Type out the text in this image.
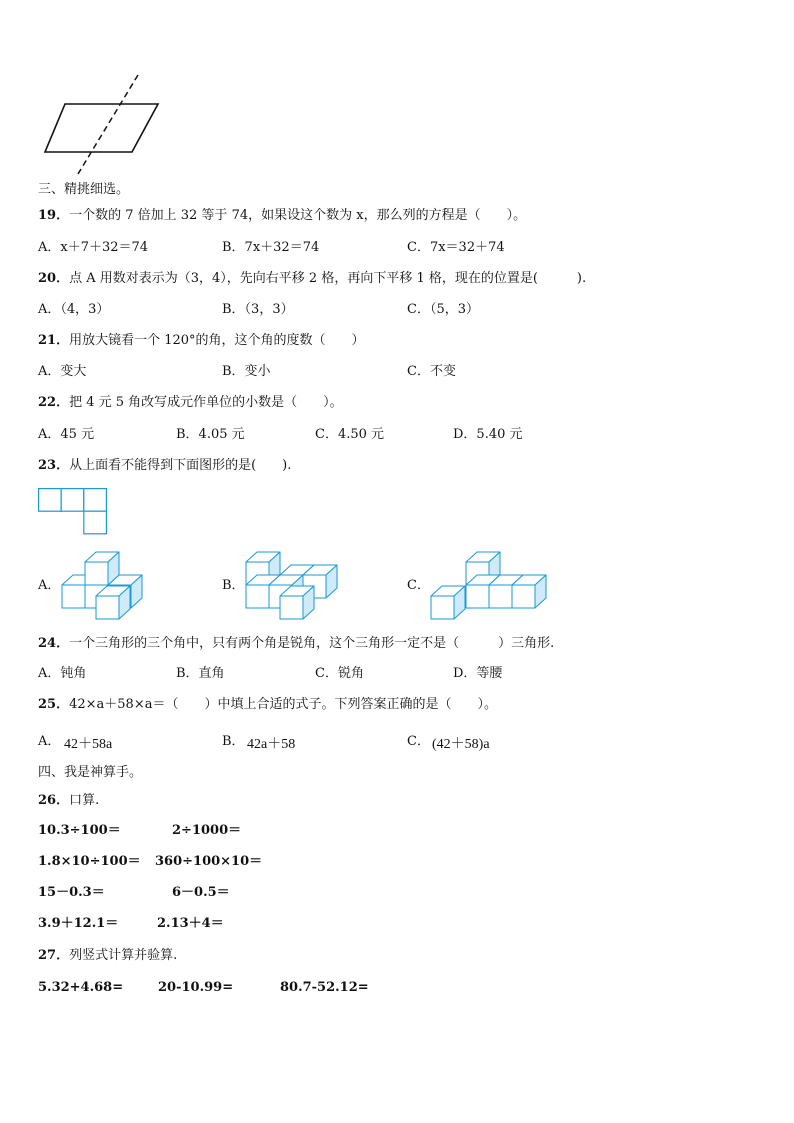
三、精挑细选。
19．一个数的 7 倍加上 32 等于 74，如果设这个数为 x，那么列的方程是（　　）。
A．x＋7＋32＝74	B．7x＋32＝74	C．7x＝32＋74
20．点 A 用数对表示为（3，4），先向右平移 2 格，再向下平移 1 格，现在的位置是(　　　).
A．（4，3）	B．（3，3）	C．（5，3）
21．用放大镜看一个 120°的角，这个角的度数（　　）
A．变大	B．变小	C．不变
22．把 4 元 5 角改写成元作单位的小数是（　　）。
A．45 元	B．4.05 元	C．4.50 元	D．5.40 元
23．从上面看不能得到下面图形的是(　　).
A．	B．	C．
24．一个三角形的三个角中，只有两个角是锐角，这个三角形一定不是（　　　）三角形.
A．钝角	B．直角	C．锐角	D．等腰
25．42×a＋58×a＝（　　）中填上合适的式子。下列答案正确的是（　　）。
A． 42＋58a	B． 42a＋58	C． (42＋58)a
四、我是神算手。
26．口算.
10.3÷100＝	2÷1000＝
1.8×10÷100＝ 360÷100×10＝
15－0.3＝	6－0.5＝
3.9＋12.1＝	2.13＋4＝
27．列竖式计算并验算.
5.32+4.68=	20-10.99=	80.7-52.12=
